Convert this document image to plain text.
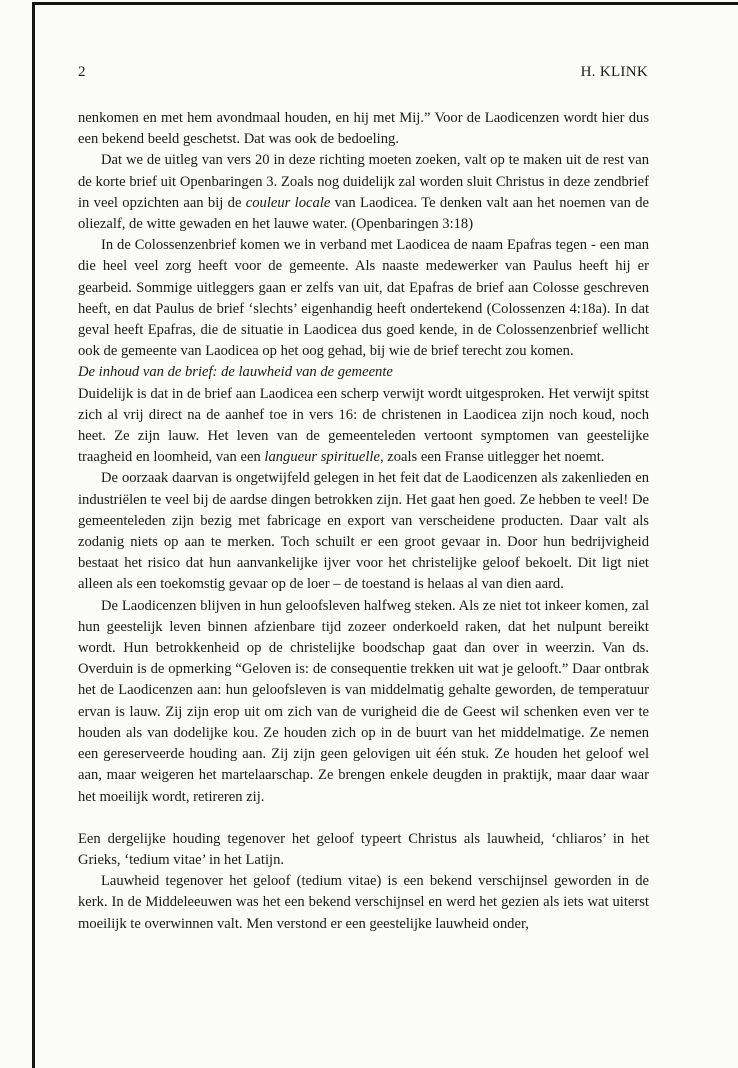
2	H. KLINK

nenkomen en met hem avondmaal houden, en hij met Mij.” Voor de Laodicenzen wordt hier dus een bekend beeld geschetst. Dat was ook de bedoeling.

Dat we de uitleg van vers 20 in deze richting moeten zoeken, valt op te maken uit de rest van de korte brief uit Openbaringen 3. Zoals nog duidelijk zal worden sluit Christus in deze zendbrief in veel opzichten aan bij de couleur locale van Laodicea. Te denken valt aan het noemen van de oliezalf, de witte gewaden en het lauwe water. (Openbaringen 3:18)

In de Colossenzenbrief komen we in verband met Laodicea de naam Epafras tegen - een man die heel veel zorg heeft voor de gemeente. Als naaste medewerker van Paulus heeft hij er gearbeid. Sommige uitleggers gaan er zelfs van uit, dat Epafras de brief aan Colosse geschreven heeft, en dat Paulus de brief ‘slechts’ eigenhandig heeft ondertekend (Colossenzen 4:18a). In dat geval heeft Epafras, die de situatie in Laodicea dus goed kende, in de Colossenzenbrief wellicht ook de gemeente van Laodicea op het oog gehad, bij wie de brief terecht zou komen.

De inhoud van de brief: de lauwheid van de gemeente

Duidelijk is dat in de brief aan Laodicea een scherp verwijt wordt uitgesproken. Het verwijt spitst zich al vrij direct na de aanhef toe in vers 16: de christenen in Laodicea zijn noch koud, noch heet. Ze zijn lauw. Het leven van de gemeenteleden vertoont symptomen van geestelijke traagheid en loomheid, van een langueur spirituelle, zoals een Franse uitlegger het noemt.

De oorzaak daarvan is ongetwijfeld gelegen in het feit dat de Laodicenzen als zakenlieden en industriëlen te veel bij de aardse dingen betrokken zijn. Het gaat hen goed. Ze hebben te veel! De gemeenteleden zijn bezig met fabricage en export van verscheidene producten. Daar valt als zodanig niets op aan te merken. Toch schuilt er een groot gevaar in. Door hun bedrijvigheid bestaat het risico dat hun aanvankelijke ijver voor het christelijke geloof bekoelt. Dit ligt niet alleen als een toekomstig gevaar op de loer – de toestand is helaas al van dien aard.

De Laodicenzen blijven in hun geloofsleven halfweg steken. Als ze niet tot inkeer komen, zal hun geestelijk leven binnen afzienbare tijd zozeer onderkoeld raken, dat het nulpunt bereikt wordt. Hun betrokkenheid op de christelijke boodschap gaat dan over in weerzin. Van ds. Overduin is de opmerking “Geloven is: de consequentie trekken uit wat je gelooft.” Daar ontbrak het de Laodicenzen aan: hun geloofsleven is van middelmatig gehalte geworden, de temperatuur ervan is lauw. Zij zijn erop uit om zich van de vurigheid die de Geest wil schenken even ver te houden als van dodelijke kou. Ze houden zich op in de buurt van het middelmatige. Ze nemen een gereserveerde houding aan. Zij zijn geen gelovigen uit één stuk. Ze houden het geloof wel aan, maar weigeren het martelaarschap. Ze brengen enkele deugden in praktijk, maar daar waar het moeilijk wordt, retireren zij.

Een dergelijke houding tegenover het geloof typeert Christus als lauwheid, ‘chliaros’ in het Grieks, ‘tedium vitae’ in het Latijn.

Lauwheid tegenover het geloof (tedium vitae) is een bekend verschijnsel geworden in de kerk. In de Middeleeuwen was het een bekend verschijnsel en werd het gezien als iets wat uiterst moeilijk te overwinnen valt. Men verstond er een geestelijke lauwheid onder,
